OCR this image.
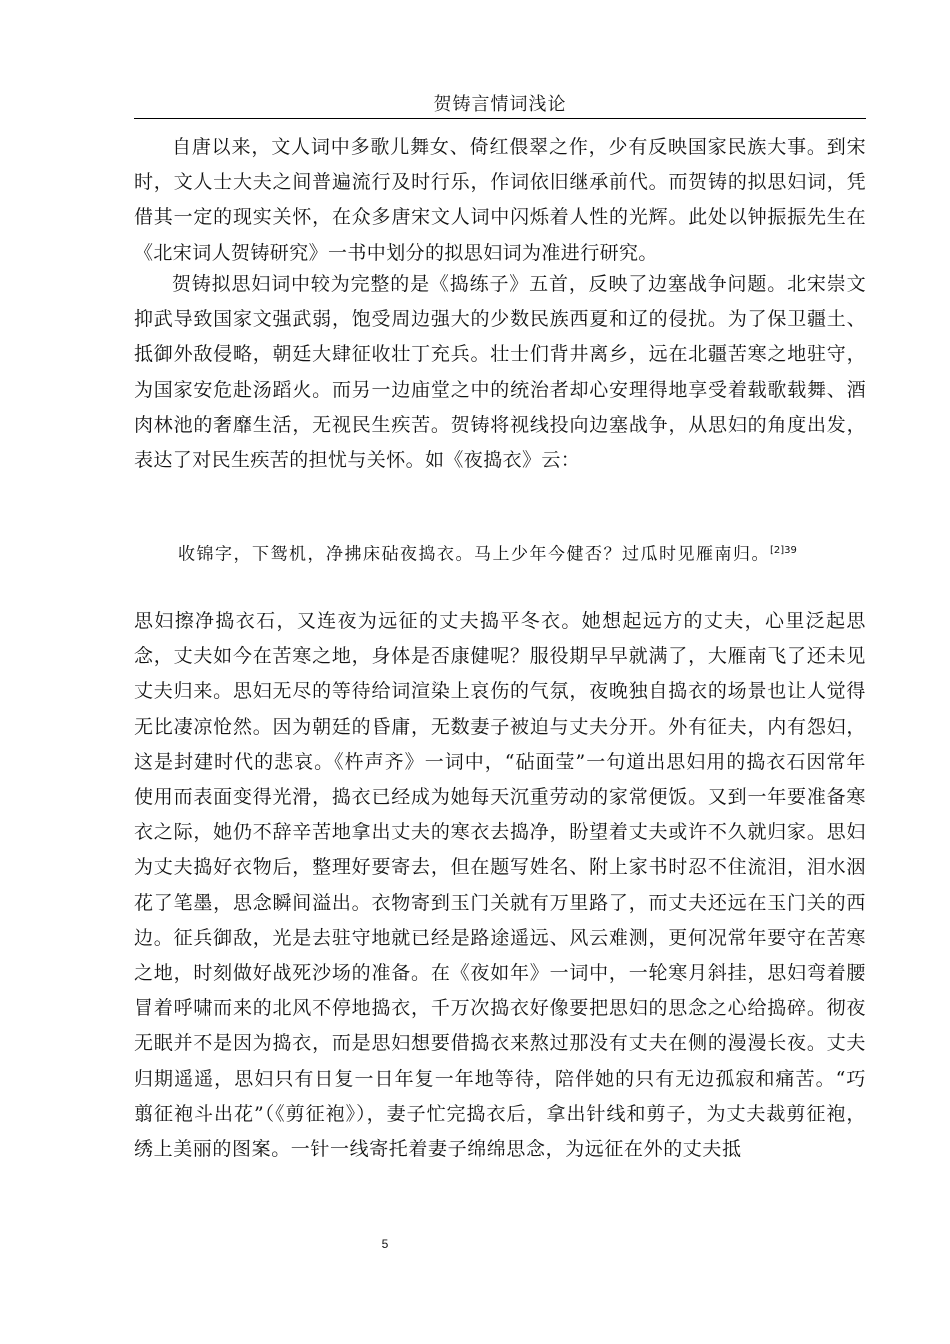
贺铸言情词浅论

自唐以来，文人词中多歌儿舞女、倚红偎翠之作，少有反映国家民族大事。到宋时，文人士大夫之间普遍流行及时行乐，作词依旧继承前代。而贺铸的拟思妇词，凭借其一定的现实关怀，在众多唐宋文人词中闪烁着人性的光辉。此处以钟振振先生在《北宋词人贺铸研究》一书中划分的拟思妇词为准进行研究。

贺铸拟思妇词中较为完整的是《捣练子》五首，反映了边塞战争问题。北宋崇文抑武导致国家文强武弱，饱受周边强大的少数民族西夏和辽的侵扰。为了保卫疆土、抵御外敌侵略，朝廷大肆征收壮丁充兵。壮士们背井离乡，远在北疆苦寒之地驻守，为国家安危赴汤蹈火。而另一边庙堂之中的统治者却心安理得地享受着载歌载舞、酒肉林池的奢靡生活，无视民生疾苦。贺铸将视线投向边塞战争，从思妇的角度出发，表达了对民生疾苦的担忧与关怀。如《夜捣衣》云：

收锦字，下鸳机，净拂床砧夜捣衣。马上少年今健否？过瓜时见雁南归。$^{[2]39}$

思妇擦净捣衣石，又连夜为远征的丈夫捣平冬衣。她想起远方的丈夫，心里泛起思念，丈夫如今在苦寒之地，身体是否康健呢？服役期早早就满了，大雁南飞了还未见丈夫归来。思妇无尽的等待给词渲染上哀伤的气氛，夜晚独自捣衣的场景也让人觉得无比凄凉怆然。因为朝廷的昏庸，无数妻子被迫与丈夫分开。外有征夫，内有怨妇，这是封建时代的悲哀。《杵声齐》一词中，“砧面莹”一句道出思妇用的捣衣石因常年使用而表面变得光滑，捣衣已经成为她每天沉重劳动的家常便饭。又到一年要准备寒衣之际，她仍不辞辛苦地拿出丈夫的寒衣去捣净，盼望着丈夫或许不久就归家。思妇为丈夫捣好衣物后，整理好要寄去，但在题写姓名、附上家书时忍不住流泪，泪水洇花了笔墨，思念瞬间溢出。衣物寄到玉门关就有万里路了，而丈夫还远在玉门关的西边。征兵御敌，光是去驻守地就已经是路途遥远、风云难测，更何况常年要守在苦寒之地，时刻做好战死沙场的准备。在《夜如年》一词中，一轮寒月斜挂，思妇弯着腰冒着呼啸而来的北风不停地捣衣，千万次捣衣好像要把思妇的思念之心给捣碎。彻夜无眠并不是因为捣衣，而是思妇想要借捣衣来熬过那没有丈夫在侧的漫漫长夜。丈夫归期遥遥，思妇只有日复一日年复一年地等待，陪伴她的只有无边孤寂和痛苦。“巧翦征袍斗出花”（《剪征袍》），妻子忙完捣衣后，拿出针线和剪子，为丈夫裁剪征袍，绣上美丽的图案。一针一线寄托着妻子绵绵思念，为远征在外的丈夫抵

5
